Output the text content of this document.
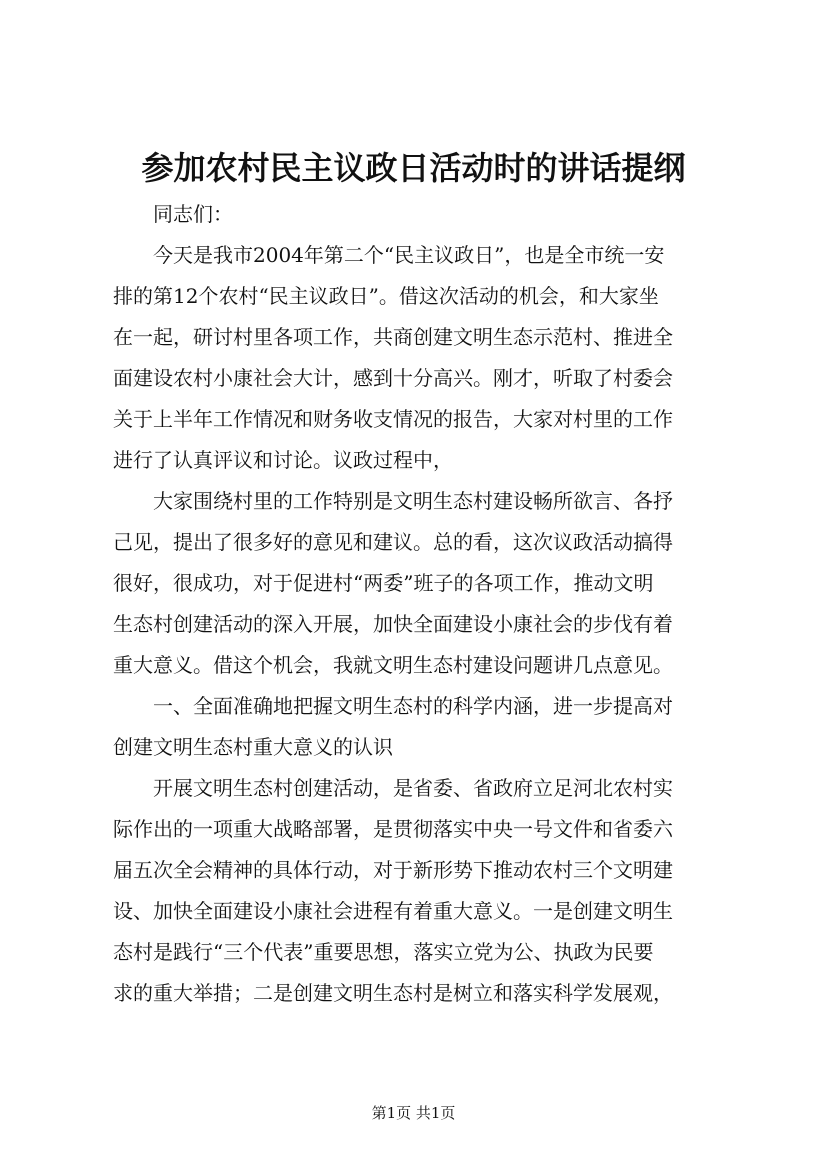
参加农村民主议政日活动时的讲话提纲

同志们：

今天是我市2004年第二个“民主议政日”，也是全市统一安
排的第12个农村“民主议政日”。借这次活动的机会，和大家坐
在一起，研讨村里各项工作，共商创建文明生态示范村、推进全
面建设农村小康社会大计，感到十分高兴。刚才，听取了村委会
关于上半年工作情况和财务收支情况的报告，大家对村里的工作
进行了认真评议和讨论。议政过程中，
大家围绕村里的工作特别是文明生态村建设畅所欲言、各抒
己见，提出了很多好的意见和建议。总的看，这次议政活动搞得
很好，很成功，对于促进村“两委”班子的各项工作，推动文明
生态村创建活动的深入开展，加快全面建设小康社会的步伐有着
重大意义。借这个机会，我就文明生态村建设问题讲几点意见。
一、全面准确地把握文明生态村的科学内涵，进一步提高对
创建文明生态村重大意义的认识
开展文明生态村创建活动，是省委、省政府立足河北农村实
际作出的一项重大战略部署，是贯彻落实中央一号文件和省委六
届五次全会精神的具体行动，对于新形势下推动农村三个文明建
设、加快全面建设小康社会进程有着重大意义。一是创建文明生
态村是践行“三个代表”重要思想，落实立党为公、执政为民要
求的重大举措；二是创建文明生态村是树立和落实科学发展观，
第1页 共1页
